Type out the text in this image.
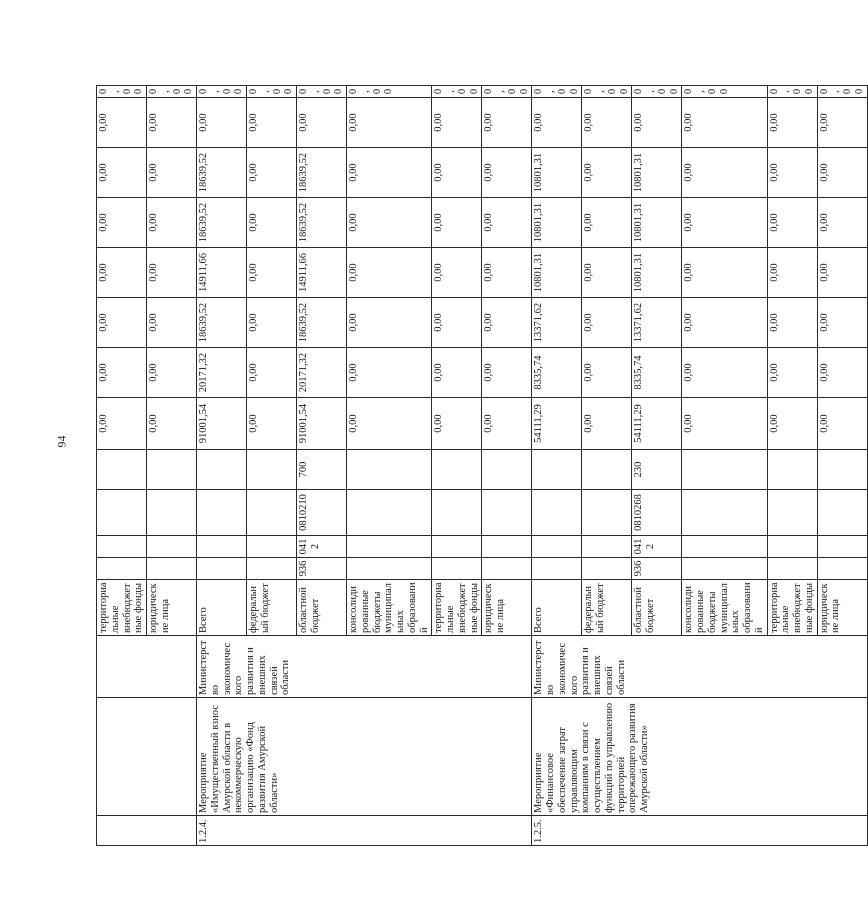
94
			территориальные внебюджетные фонды					0,00	0,00	0,00	0,00	0,00	0,00	0,00	0,00
			юридические лица					0,00	0,00	0,00	0,00	0,00	0,00	0,00	0,00
1.2.4.	Мероприятие «Имущественный взнос Амурской области в некоммерческую организацию «Фонд развития Амурской области»	Министерство экономического развития и внешних связей области	Всего					91001,54	20171,32	18639,52	14911,66	18639,52	18639,52	0,00	0,00
			федеральный бюджет					0,00	0,00	0,00	0,00	0,00	0,00	0,00	0,00
			областной бюджет	936	0412	0810210	700	91001,54	20171,32	18639,52	14911,66	18639,52	18639,52	0,00	0,00
			консолидированные бюджеты муниципальных образований					0,00	0,00	0,00	0,00	0,00	0,00	0,00	0,00
			территориальные внебюджетные фонды					0,00	0,00	0,00	0,00	0,00	0,00	0,00	0,00
			юридические лица					0,00	0,00	0,00	0,00	0,00	0,00	0,00	0,00
1.2.5.	Мероприятие «Финансовое обеспечение затрат управляющим компаниям в связи с осуществлением функций по управлению территорией опережающего развития Амурской области»	Министерство экономического развития и внешних связей области	Всего					54111,29	8335,74	13371,62	10801,31	10801,31	10801,31	0,00	0,00
			федеральный бюджет					0,00	0,00	0,00	0,00	0,00	0,00	0,00	0,00
			областной бюджет	936	0412	0810268	230	54111,29	8335,74	13371,62	10801,31	10801,31	10801,31	0,00	0,00
			консолидированные бюджеты муниципальных образований					0,00	0,00	0,00	0,00	0,00	0,00	0,00	0,00
			территориальные внебюджетные фонды					0,00	0,00	0,00	0,00	0,00	0,00	0,00	0,00
			юридические лица					0,00	0,00	0,00	0,00	0,00	0,00	0,00	0,00
